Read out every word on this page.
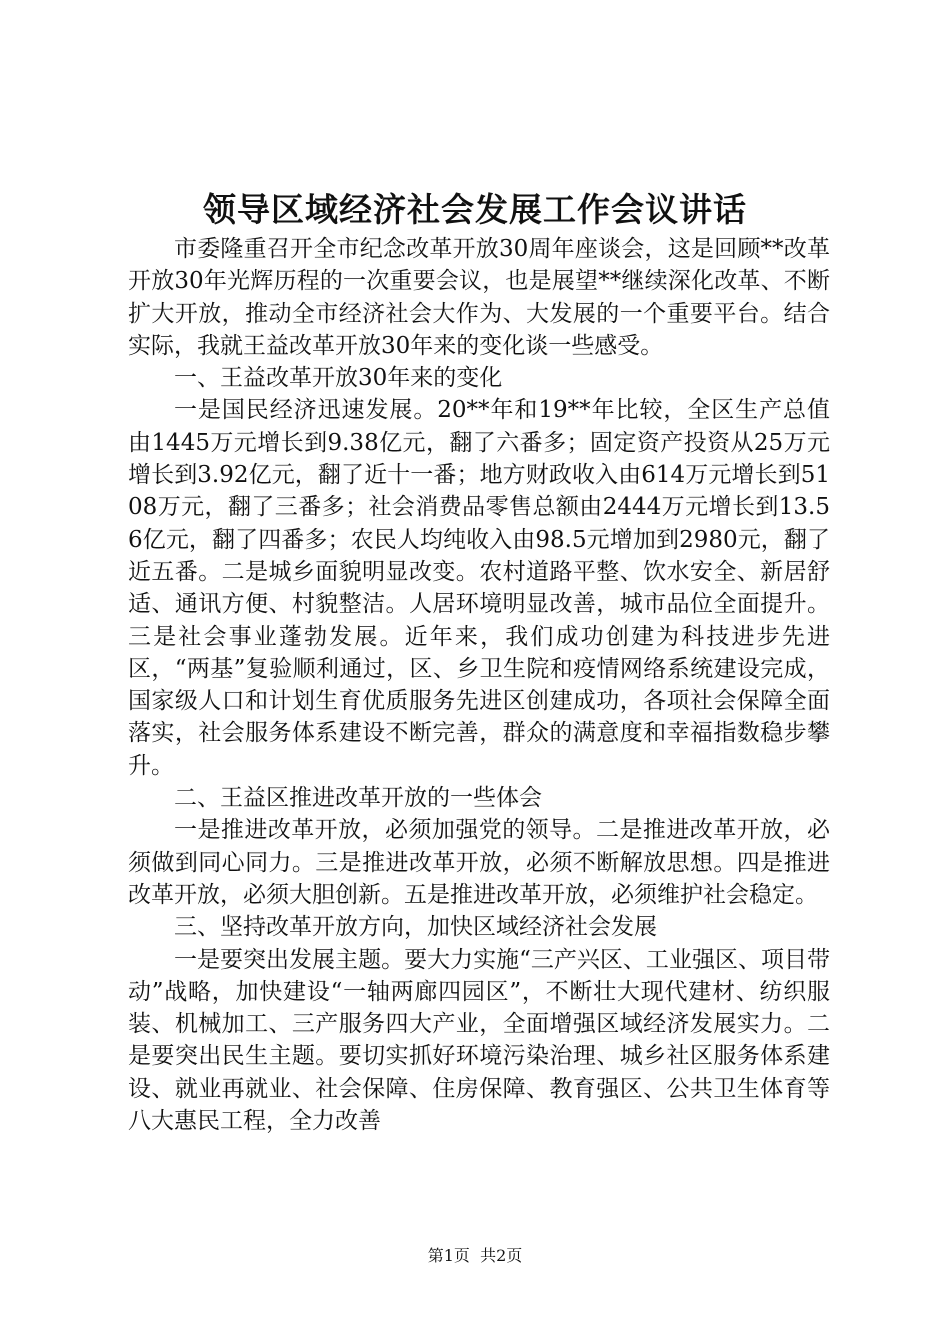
领导区域经济社会发展工作会议讲话

市委隆重召开全市纪念改革开放30周年座谈会，这是回顾**改革开放30年光辉历程的一次重要会议，也是展望**继续深化改革、不断扩大开放，推动全市经济社会大作为、大发展的一个重要平台。结合实际，我就王益改革开放30年来的变化谈一些感受。

一、王益改革开放30年来的变化

一是国民经济迅速发展。20**年和19**年比较，全区生产总值由1445万元增长到9.38亿元，翻了六番多；固定资产投资从25万元增长到3.92亿元，翻了近十一番；地方财政收入由614万元增长到5108万元，翻了三番多；社会消费品零售总额由2444万元增长到13.56亿元，翻了四番多；农民人均纯收入由98.5元增加到2980元，翻了近五番。二是城乡面貌明显改变。农村道路平整、饮水安全、新居舒适、通讯方便、村貌整洁。人居环境明显改善，城市品位全面提升。三是社会事业蓬勃发展。近年来，我们成功创建为科技进步先进区，“两基”复验顺利通过，区、乡卫生院和疫情网络系统建设完成，国家级人口和计划生育优质服务先进区创建成功，各项社会保障全面落实，社会服务体系建设不断完善，群众的满意度和幸福指数稳步攀升。

二、王益区推进改革开放的一些体会

一是推进改革开放，必须加强党的领导。二是推进改革开放，必须做到同心同力。三是推进改革开放，必须不断解放思想。四是推进改革开放，必须大胆创新。五是推进改革开放，必须维护社会稳定。

三、坚持改革开放方向，加快区域经济社会发展

一是要突出发展主题。要大力实施“三产兴区、工业强区、项目带动”战略，加快建设“一轴两廊四园区”，不断壮大现代建材、纺织服装、机械加工、三产服务四大产业，全面增强区域经济发展实力。二是要突出民生主题。要切实抓好环境污染治理、城乡社区服务体系建设、就业再就业、社会保障、住房保障、教育强区、公共卫生体育等八大惠民工程，全力改善

第1页 共2页
